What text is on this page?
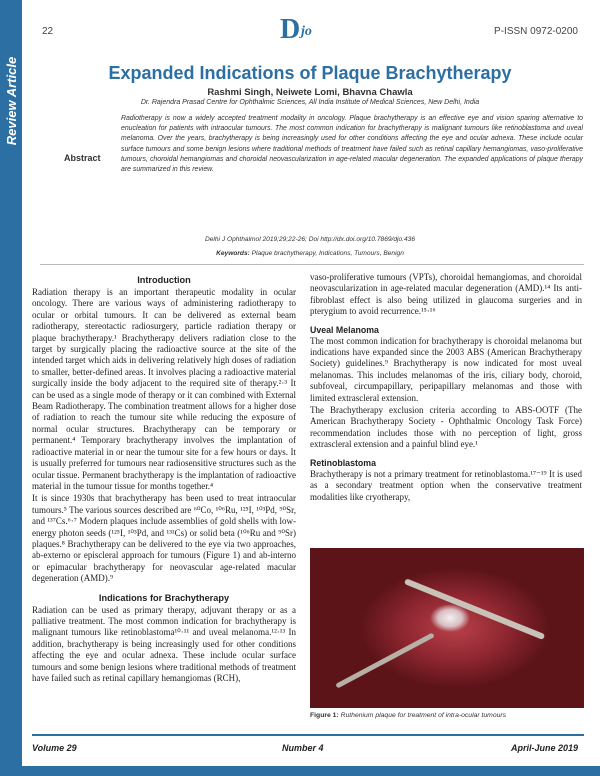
Review Article
22	D jo	P-ISSN 0972-0200
Expanded Indications of Plaque Brachytherapy
Rashmi Singh, Neiwete Lomi, Bhavna Chawla
Dr. Rajendra Prasad Centre for Ophthalmic Sciences, All India Institute of Medical Sciences, New Delhi, India
Abstract

Radiotherapy is now a widely accepted treatment modality in oncology. Plaque brachytherapy is an effective eye and vision sparing alternative to enucleation for patients with intraocular tumours. The most common indication for brachytherapy is malignant tumours like retinoblastoma and uveal melanoma. Over the years, brachytherapy is being increasingly used for other conditions affecting the eye and ocular adnexa. These include ocular surface tumours and some benign lesions where traditional methods of treatment have failed such as retinal capillary hemangiomas, vaso-proliferative tumours, choroidal hemangiomas and choroidal neovascularization in age-related macular degeneration. The expanded applications of plaque therapy are summarized in this review.

Delhi J Ophthalmol 2019;29;22-26; Doi http://dx.doi.org/10.7869/djo.436
Keywords: Plaque brachytherapy, Indications, Tumours, Benign
Introduction

Radiation therapy is an important therapeutic modality in ocular oncology. There are various ways of administering radiotherapy to ocular or orbital tumours. It can be delivered as external beam radiotherapy, stereotactic radiosurgery, particle radiation therapy or plaque brachytherapy.¹ Brachytherapy delivers radiation close to the target by surgically placing the radioactive source at the site of the intended target which aids in delivering relatively high doses of radiation to smaller, better-defined areas. It involves placing a radioactive material surgically inside the body adjacent to the required site of therapy.²·³ It can be used as a single mode of therapy or it can combined with External Beam Radiotherapy. The combination treatment allows for a higher dose of radiation to reach the tumour site while reducing the exposure of normal ocular structures. Brachytherapy can be temporary or permanent.⁴ Temporary brachytherapy involves the implantation of radioactive material in or near the tumour site for a few hours or days. It is usually preferred for tumours near radiosensitive structures such as the ocular tissue. Permanent brachytherapy is the implantation of radioactive material in the tumour tissue for months together.⁴

It is since 1930s that brachytherapy has been used to treat intraocular tumours.⁵ The various sources described are ⁶⁰Co, ¹⁰⁶Ru, ¹²⁵I, ¹⁰³Pd, ⁹⁰Sr, and ¹³⁷Cs.⁶·⁷ Modern plaques include assemblies of gold shells with low-energy photon seeds (¹²⁵I, ¹⁰³Pd, and ¹³¹Cs) or solid beta (¹⁰⁶Ru and ⁹⁰Sr) plaques.⁸ Brachytherapy can be delivered to the eye via two approaches, ab-externo or episcleral approach for tumours (Figure 1) and ab-interno or epimacular brachytherapy for neovascular age-related macular degeneration (AMD).⁹

Indications for Brachytherapy

Radiation can be used as primary therapy, adjuvant therapy or as a palliative treatment. The most common indication for brachytherapy is malignant tumours like retinoblastoma¹⁰·¹¹ and uveal melanoma.¹²·¹³ In addition, brachytherapy is being increasingly used for other conditions affecting the eye and ocular adnexa. These include ocular surface tumours and some benign lesions where traditional methods of treatment have failed such as retinal capillary hemangiomas (RCH),

vaso-proliferative tumours (VPTs), choroidal hemangiomas, and choroidal neovascularization in age-related macular degeneration (AMD).¹⁴ Its anti-fibroblast effect is also being utilized in glaucoma surgeries and in pterygium to avoid recurrence.¹⁵·¹⁶

Uveal Melanoma

The most common indication for brachytherapy is choroidal melanoma but indications have expanded since the 2003 ABS (American Brachytherapy Society) guidelines.⁹ Brachytherapy is now indicated for most uveal melanomas. This includes melanomas of the iris, ciliary body, choroid, subfoveal, circumpapillary, peripapillary melanomas and those with limited extrascleral extension.

The Brachytherapy exclusion criteria according to ABS-OOTF (The American Brachytherapy Society - Ophthalmic Oncology Task Force) recommendation includes those with no perception of light, gross extrascleral extension and a painful blind eye.¹

Retinoblastoma

Brachytherapy is not a primary treatment for retinoblastoma.¹⁷⁻¹⁹ It is used as a secondary treatment option when the conservative treatment modalities like cryotherapy,

Figure 1: Ruthenium plaque for treatment of intra-ocular tumours
Volume 29	Number 4	April-June 2019
